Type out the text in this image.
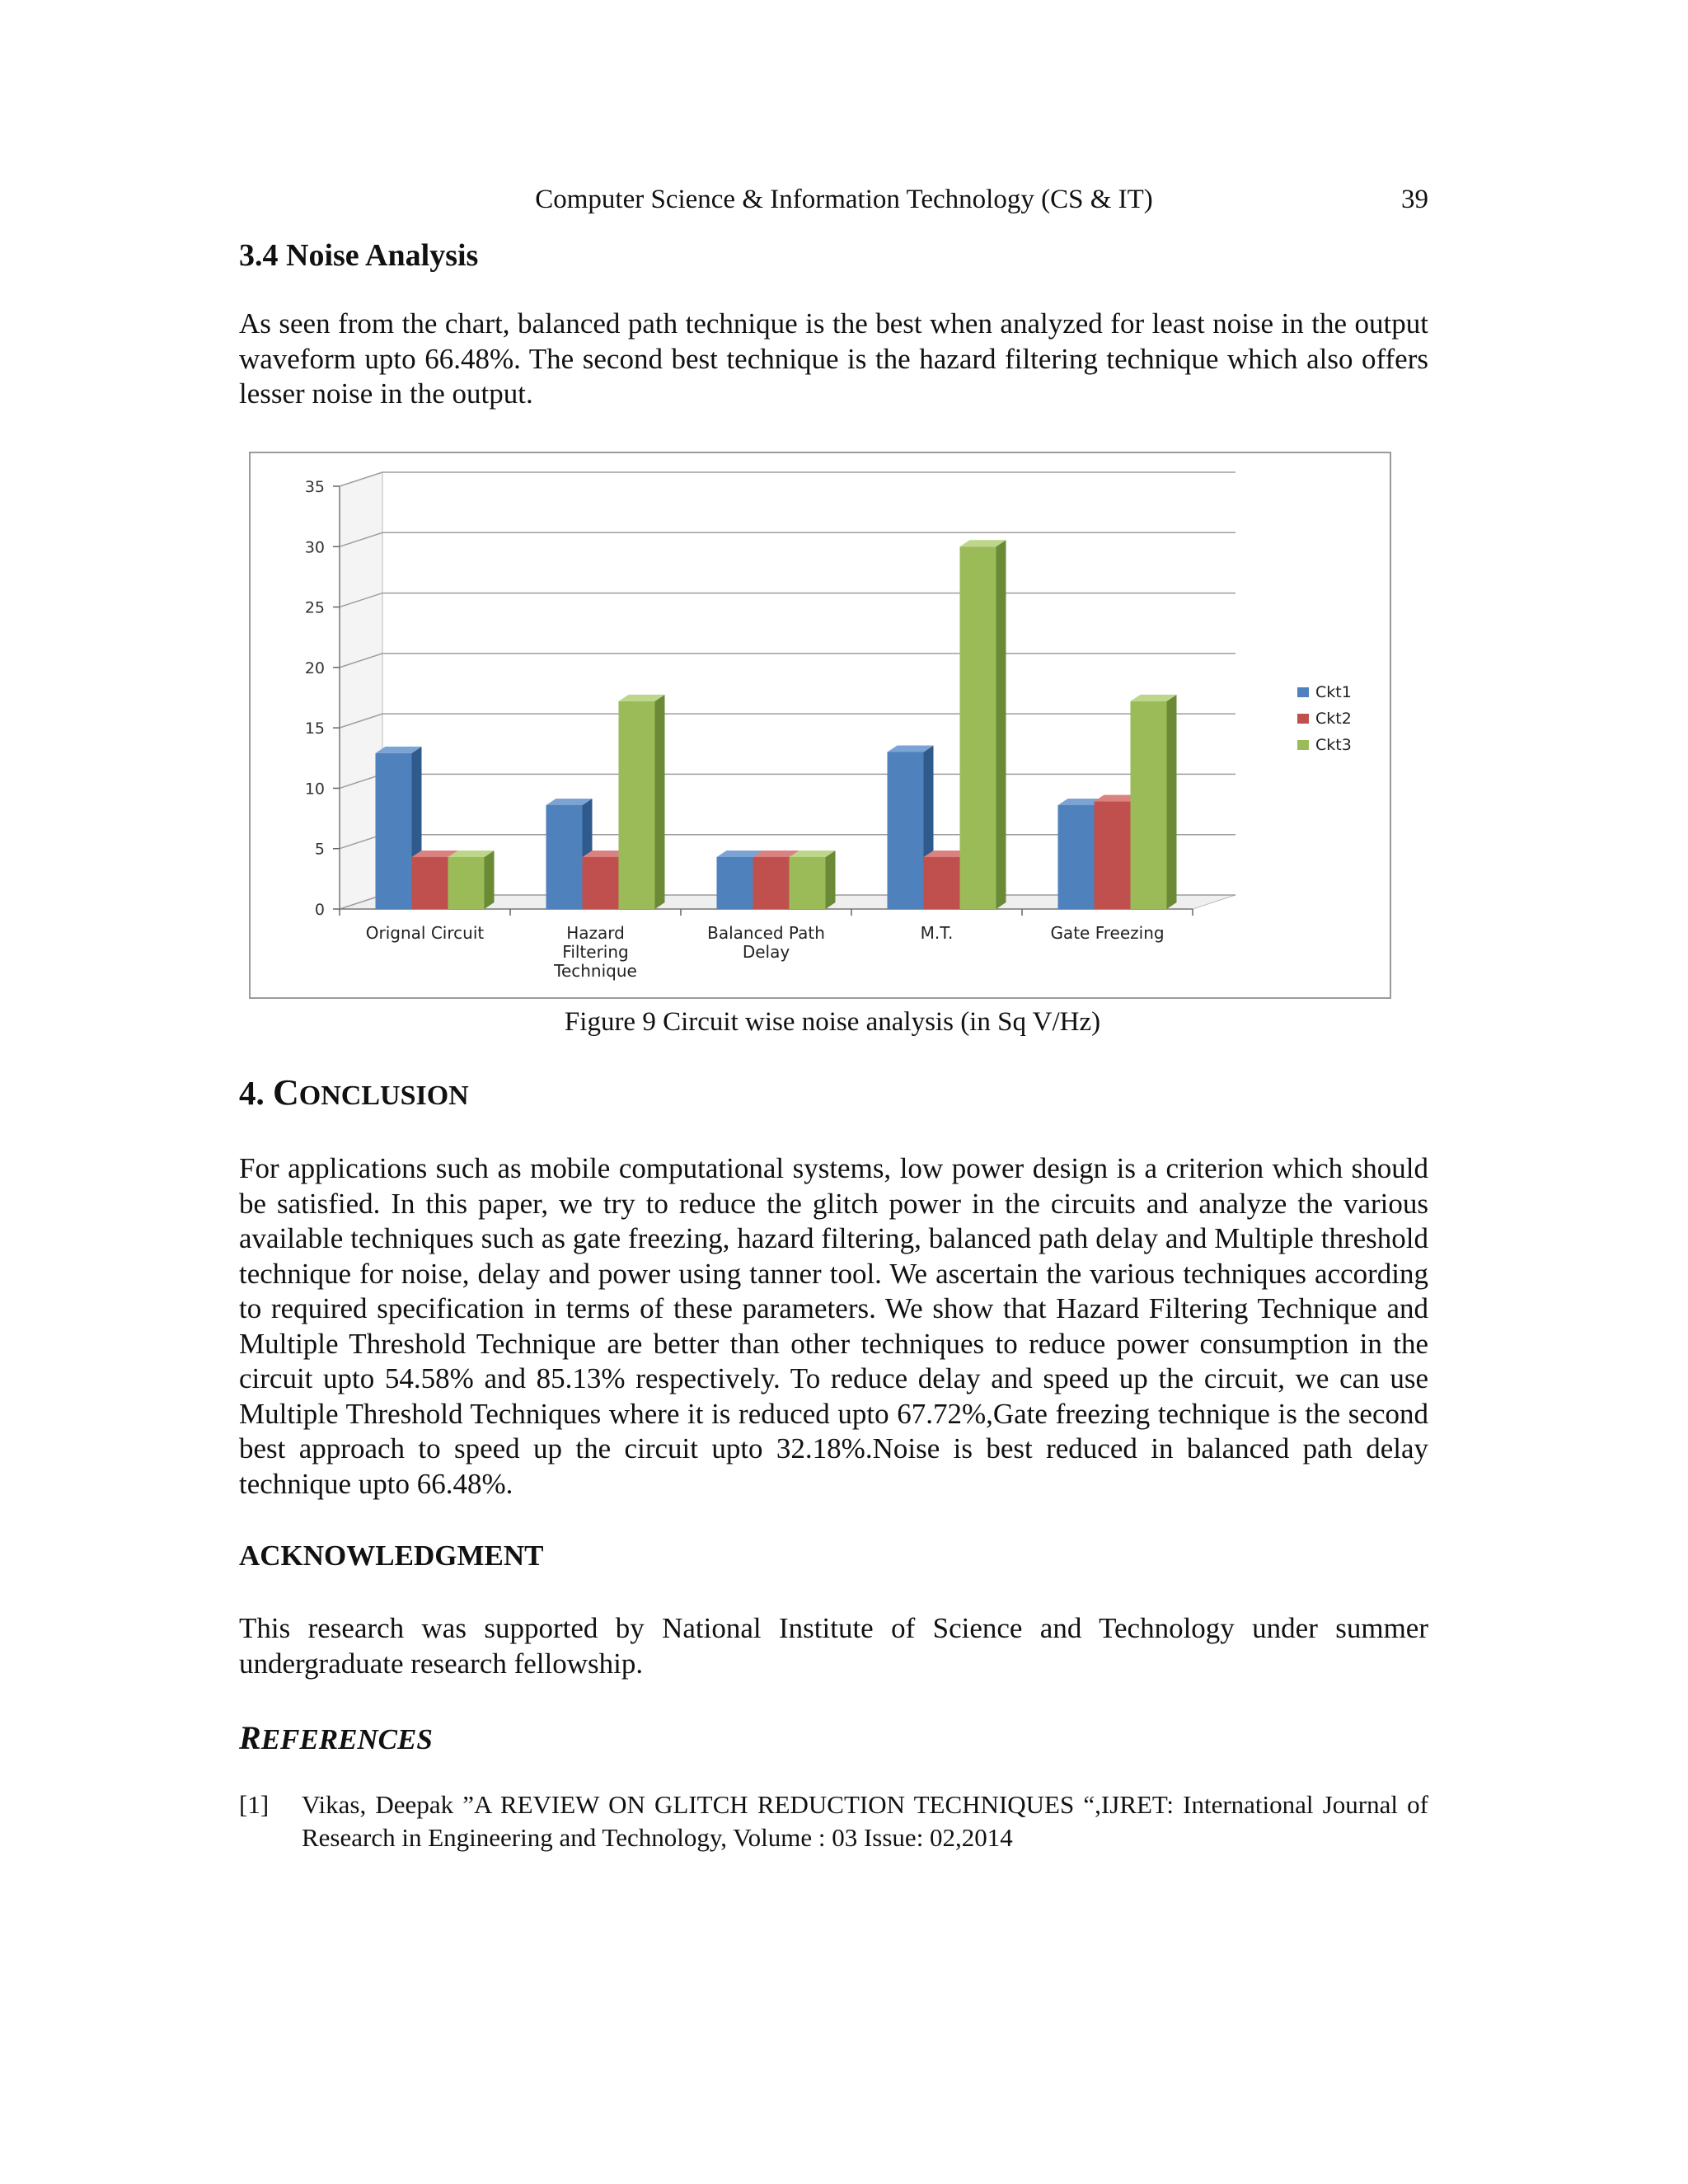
Computer Science & Information Technology (CS & IT)	39
3.4 Noise Analysis

As seen from the chart, balanced path technique is the best when analyzed for least noise in the output waveform upto 66.48%. The second best technique is the hazard filtering technique which also offers lesser noise in the output.

0
5
10
15
20
25
30
35
Orignal Circuit	Hazard
Filtering
Technique
Balanced Path
Delay
M.T.	Gate Freezing
Ckt1
Ckt2
Ckt3
Figure 9 Circuit wise noise analysis (in Sq V/Hz)
4. CONCLUSION

For applications such as mobile computational systems, low power design is a criterion which should be satisfied. In this paper, we try to reduce the glitch power in the circuits and analyze the various available techniques such as gate freezing, hazard filtering, balanced path delay and Multiple threshold technique for noise, delay and power using tanner tool. We ascertain the various techniques according to required specification in terms of these parameters. We show that Hazard Filtering Technique and Multiple Threshold Technique are better than other techniques to reduce power consumption in the circuit upto 54.58% and 85.13% respectively. To reduce delay and speed up the circuit, we can use Multiple Threshold Techniques where it is reduced upto 67.72%,Gate freezing technique is the second best approach to speed up the circuit upto 32.18%.Noise is best reduced in balanced path delay technique upto 66.48%.

ACKNOWLEDGMENT

This research was supported by National Institute of Science and Technology under summer undergraduate research fellowship.

REFERENCES
[1] Vikas, Deepak ”A REVIEW ON GLITCH REDUCTION TECHNIQUES “,IJRET: International Journal of Research in Engineering and Technology, Volume : 03 Issue: 02,2014
